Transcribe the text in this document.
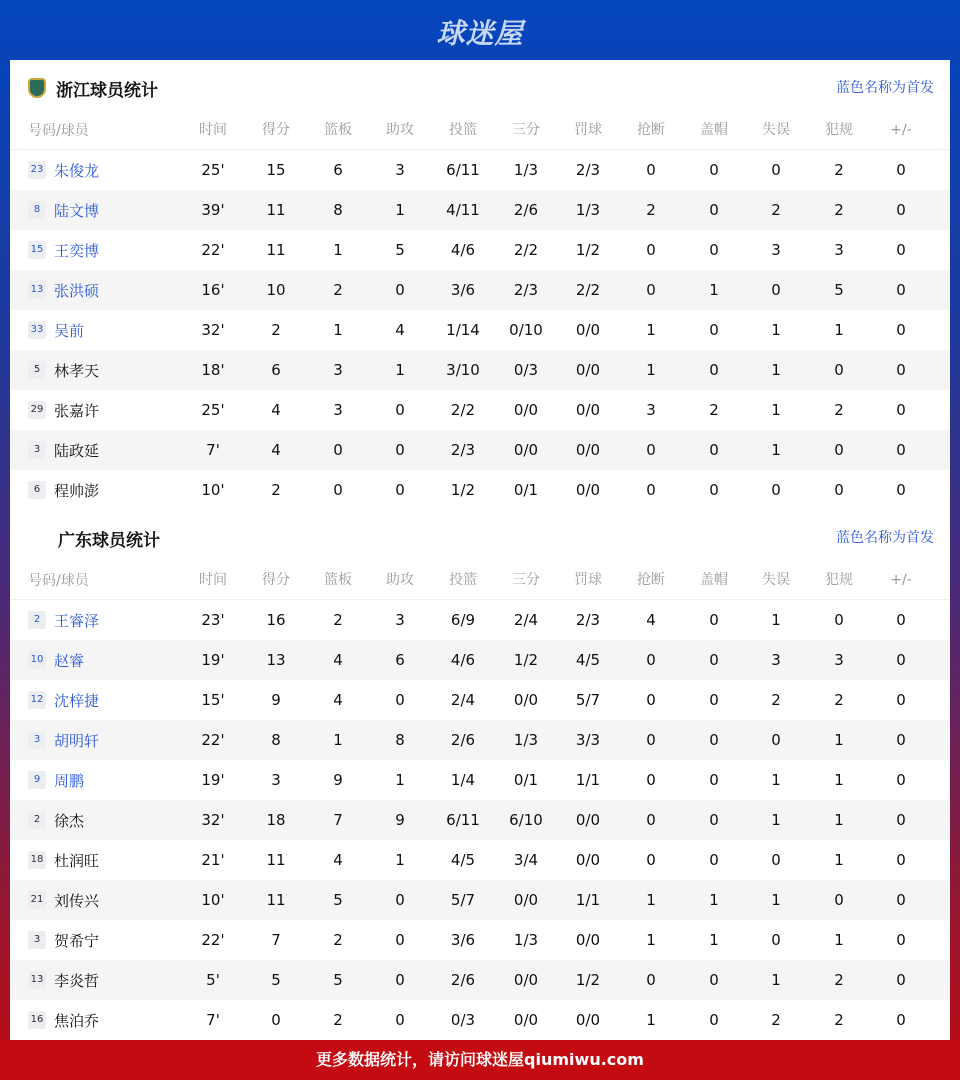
球迷屋
浙江球员统计	蓝色名称为首发
号码/球员	时间	得分	篮板	助攻	投篮	三分	罚球	抢断	盖帽	失误	犯规	+/-
23 朱俊龙	25'	15	6	3	6/11	1/3	2/3	0	0	0	2	0
8 陆文博	39'	11	8	1	4/11	2/6	1/3	2	0	2	2	0
15 王奕博	22'	11	1	5	4/6	2/2	1/2	0	0	3	3	0
13 张洪硕	16'	10	2	0	3/6	2/3	2/2	0	1	0	5	0
33 吴前	32'	2	1	4	1/14	0/10	0/0	1	0	1	1	0
5 林孝天	18'	6	3	1	3/10	0/3	0/0	1	0	1	0	0
29 张嘉许	25'	4	3	0	2/2	0/0	0/0	3	2	1	2	0
3 陆政延	7'	4	0	0	2/3	0/0	0/0	0	0	1	0	0
6 程帅澎	10'	2	0	0	1/2	0/1	0/0	0	0	0	0	0
广东球员统计	蓝色名称为首发
号码/球员	时间	得分	篮板	助攻	投篮	三分	罚球	抢断	盖帽	失误	犯规	+/-
2 王睿泽	23'	16	2	3	6/9	2/4	2/3	4	0	1	0	0
10 赵睿	19'	13	4	6	4/6	1/2	4/5	0	0	3	3	0
12 沈梓捷	15'	9	4	0	2/4	0/0	5/7	0	0	2	2	0
3 胡明轩	22'	8	1	8	2/6	1/3	3/3	0	0	0	1	0
9 周鹏	19'	3	9	1	1/4	0/1	1/1	0	0	1	1	0
2 徐杰	32'	18	7	9	6/11	6/10	0/0	0	0	1	1	0
18 杜润旺	21'	11	4	1	4/5	3/4	0/0	0	0	0	1	0
21 刘传兴	10'	11	5	0	5/7	0/0	1/1	1	1	1	0	0
3 贺希宁	22'	7	2	0	3/6	1/3	0/0	1	1	0	1	0
13 李炎哲	5'	5	5	0	2/6	0/0	1/2	0	0	1	2	0
16 焦泊乔	7'	0	2	0	0/3	0/0	0/0	1	0	2	2	0
更多数据统计，请访问球迷屋qiumiwu.com
